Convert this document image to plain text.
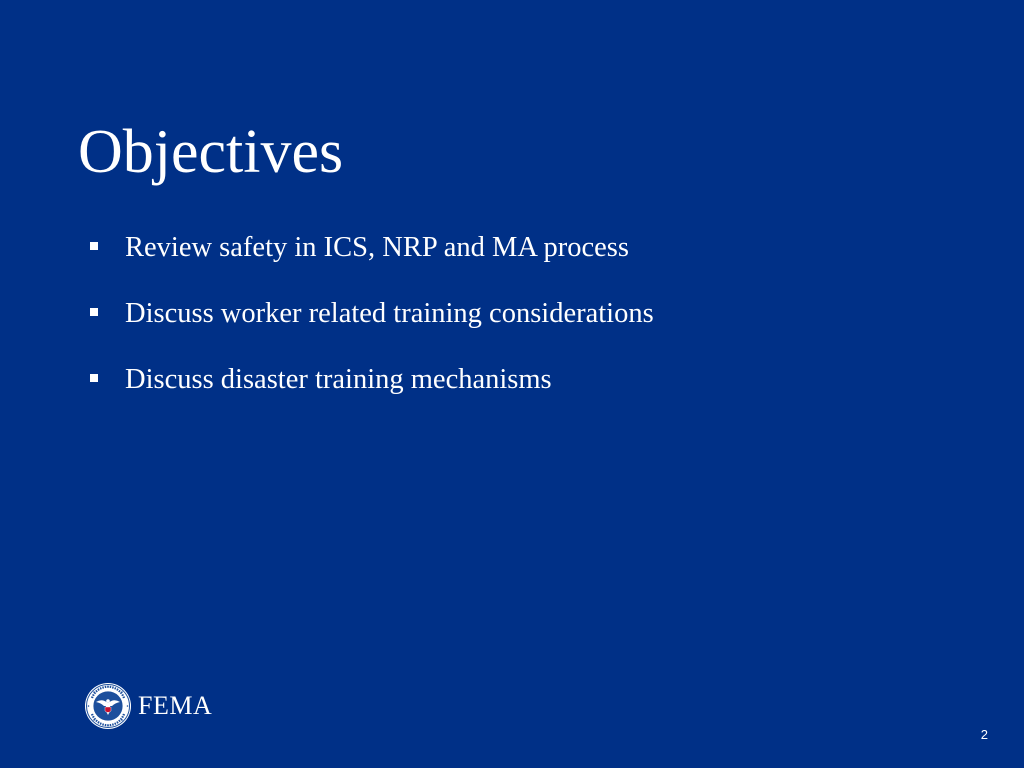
Objectives
Review safety in ICS, NRP and MA process
Discuss worker related training considerations
Discuss disaster training mechanisms
FEMA
2
